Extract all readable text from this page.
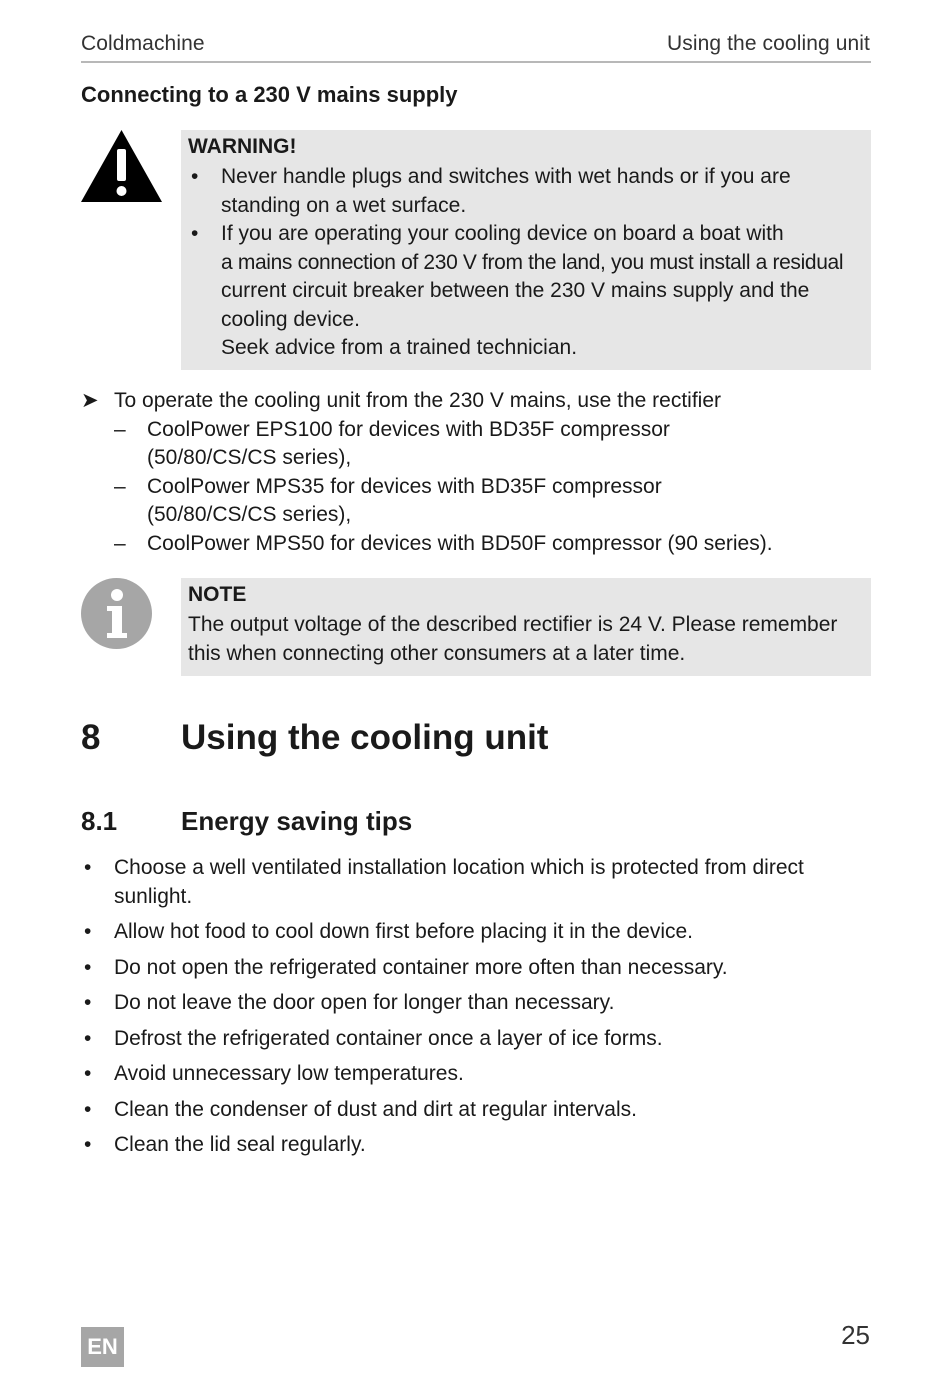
Coldmachine	Using the cooling unit
Connecting to a 230 V mains supply
WARNING!
• Never handle plugs and switches with wet hands or if you are
standing on a wet surface.
• If you are operating your cooling device on board a boat with
a mains connection of 230 V from the land, you must install a residual
current circuit breaker between the 230 V mains supply and the
cooling device.
Seek advice from a trained technician.
➤ To operate the cooling unit from the 230 V mains, use the rectifier
– CoolPower EPS100 for devices with BD35F compressor
(50/80/CS/CS series),
– CoolPower MPS35 for devices with BD35F compressor
(50/80/CS/CS series),
– CoolPower MPS50 for devices with BD50F compressor (90 series).
NOTE
The output voltage of the described rectifier is 24 V. Please remember
this when connecting other consumers at a later time.
8 Using the cooling unit
8.1 Energy saving tips
• Choose a well ventilated installation location which is protected from direct
sunlight.
• Allow hot food to cool down first before placing it in the device.
• Do not open the refrigerated container more often than necessary.
• Do not leave the door open for longer than necessary.
• Defrost the refrigerated container once a layer of ice forms.
• Avoid unnecessary low temperatures.
• Clean the condenser of dust and dirt at regular intervals.
• Clean the lid seal regularly.
EN	25
